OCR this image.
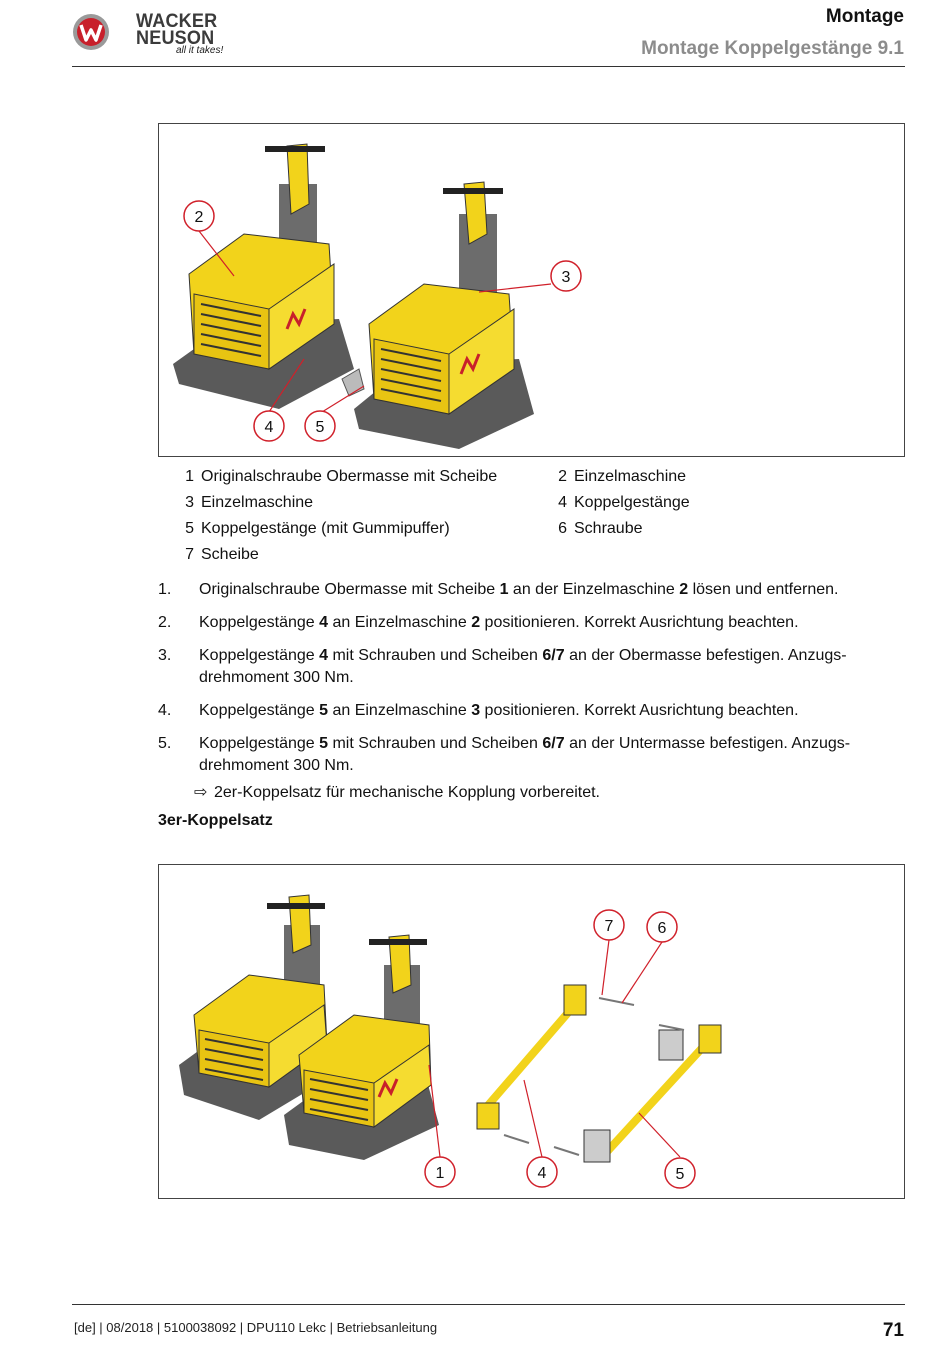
WACKER
NEUSON
all it takes!
Montage
Montage Koppelgestänge 9.1
2
3
4	5
1 Originalschraube Obermasse mit Scheibe	2 Einzelmaschine
3 Einzelmaschine	4 Koppelgestänge
5 Koppelgestänge (mit Gummipuffer)	6 Schraube
7 Scheibe
1. Originalschraube Obermasse mit Scheibe 1 an der Einzelmaschine 2 lösen und entfernen.
2. Koppelgestänge 4 an Einzelmaschine 2 positionieren. Korrekt Ausrichtung beachten.
3. Koppelgestänge 4 mit Schrauben und Scheiben 6/7 an der Obermasse befestigen. Anzugs-drehmoment 300 Nm.
4. Koppelgestänge 5 an Einzelmaschine 3 positionieren. Korrekt Ausrichtung beachten.
5. Koppelgestänge 5 mit Schrauben und Scheiben 6/7 an der Untermasse befestigen. Anzugs-drehmoment 300 Nm.
⇨ 2er-Koppelsatz für mechanische Kopplung vorbereitet.
3er-Koppelsatz
7	6
1	4	5
[de] | 08/2018 | 5100038092 | DPU110 Lekc | Betriebsanleitung	71
